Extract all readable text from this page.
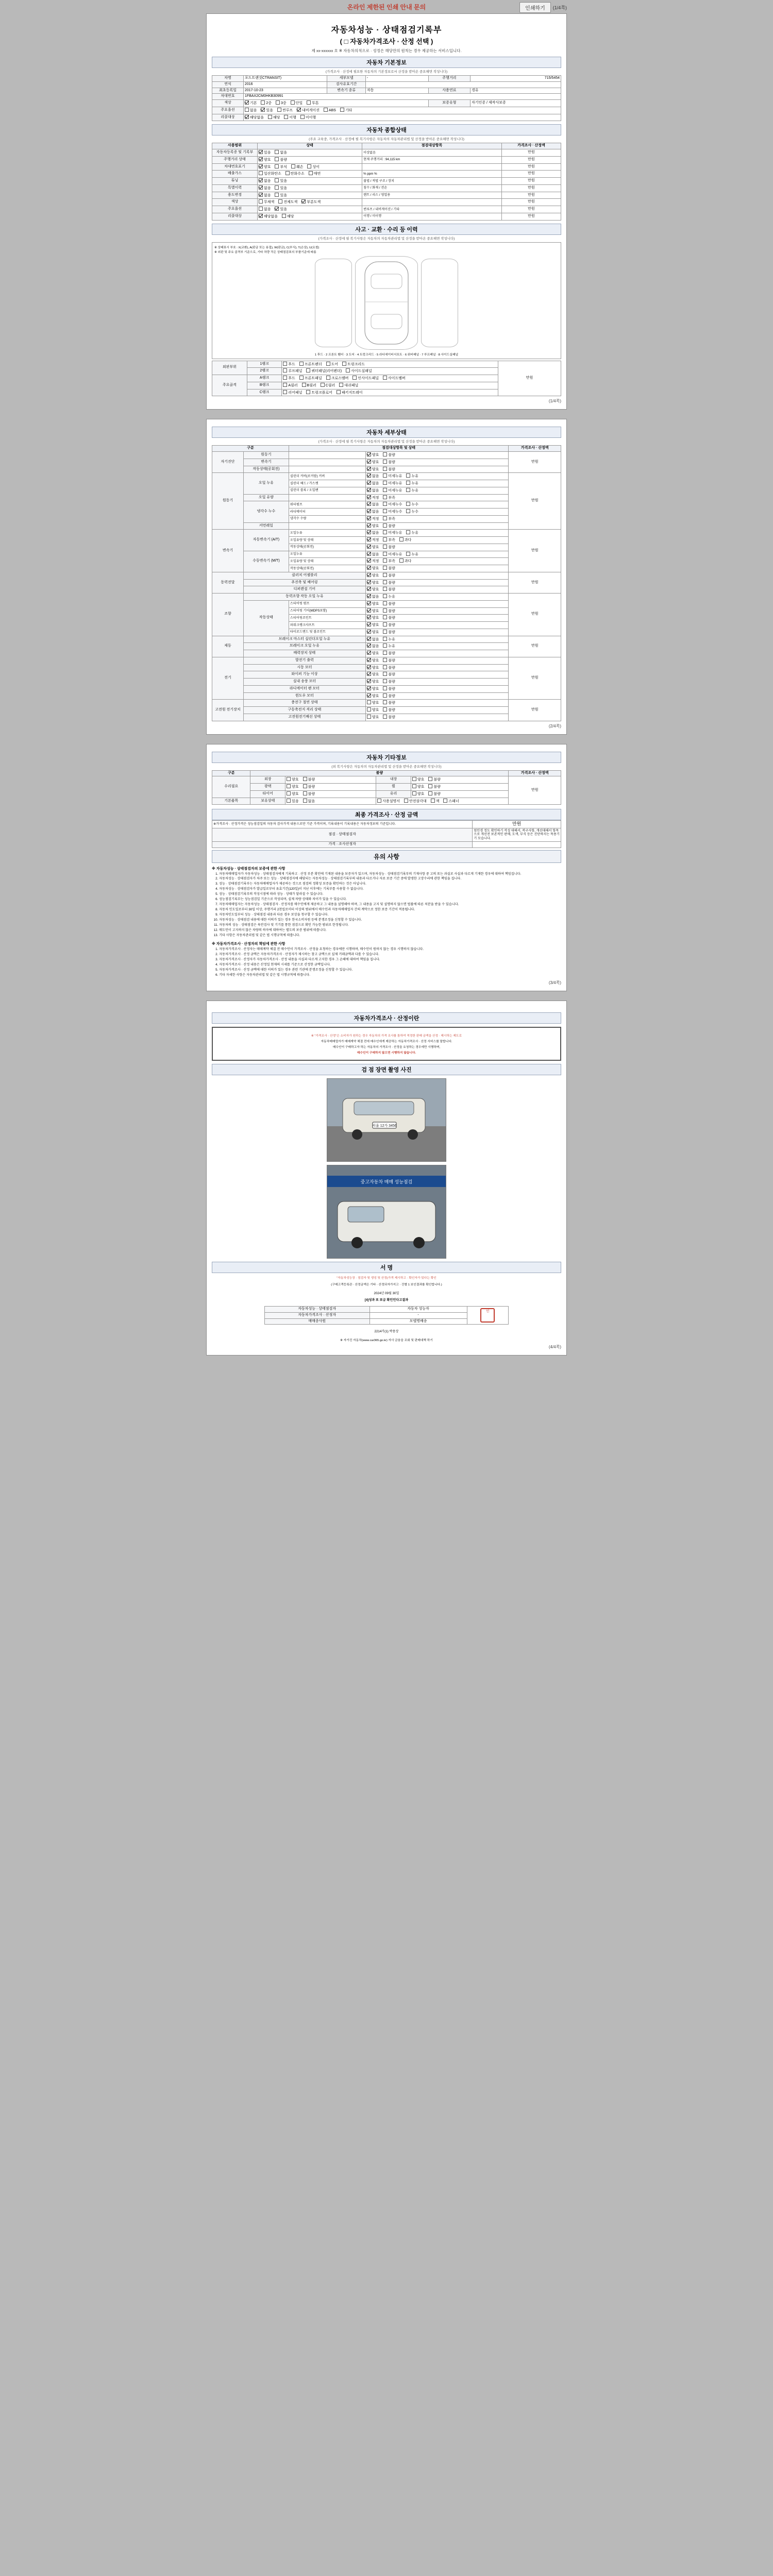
온라인 제한된 인쇄 안내 문의	인쇄하기	(1/4쪽)
자동차성능 · 상태점검기록부
( □ 자동차가격조사 · 산정 선택 )
제 xx-xxxxxx 호 ※ 자동차의적으로 · 성정은 해당만의 원칙는 경우 제공하는 서비스입니다.
자동차 기본정보
(가격조사 · 산정에 필요한 자동차의 기본정보로서 산정을 받아온 중요해면 작성니다)
차명	포드트랜짓CTRANSIT)	세부모델	-	주행거리	715/5454
연식	2016	검사유효기간			
최초등록일	2017-10-23	변속기 종류	자동	사용연료	경유
차대번호	1FBAX2CM0HKB30991				
색상	기본 2중 3중 단일 투톤			보증유형	자기인증 / 제작사보증
주요옵션	없음 있음 썬루프 내비게이션 ABS 기타				
리콜대상	해당없음 해당 이행 미이행				
자동차 종합상태
(주요 교육중, 가격조사 · 산정에 필 복기사항은 자동차의 자동차관리법 및 산정을 받아온 중요해면 작성니다)
사용범위	상태	점검대상항목	가격조사 · 산정액
자동차등록증 및 기록부	있음 없음	이상없음	만원
주행거리 상태	양호 불량	현재 주행거리 : 94,115 km	만원
차대번호표기	양호 부식 훼손 상이		만원
배출가스	일산화탄소 탄화수소 매연	% ppm %	만원
튜닝	없음 있음	불법 / 적법 구조 / 장치	만원
특별이력	없음 있음	침수 / 화재 / 전손	만원
용도변경	없음 있음	렌트 / 리스 / 영업용	만원
색상	무채색 전체도색 부분도색		만원
주요옵션	없음 있음	썬루프 / 내비게이션 / 기타	만원
리콜대상	해당없음 해당	이행 / 미이행	만원
사고 · 교환 · 수리 등 이력
(가격조사 · 산정에 필 복기사항은 자동차의 자동차관리법 및 산정을 받아온 중요해면 작성니다)
※ 상태표시 부호 : X(교환), A(판금 또는 용접), W(판금), C(부식), T(손상), U(요철)
※ 외판 및 주요 골격부 기준으로, 기타 차량 작은 상태점검표의 부품기준에 따름
1 후드 · 2 프론트 휀더 · 3 도어 · 4 트렁크리드 · 5 라디에이터서포트 · 6 쿼터패널 · 7 루프패널 · 8 사이드실패널
외판부위	1랭크	후드 프론트펜더 도어 트렁크리드	만원
	2랭크	루프패널 쿼터패널(리어펜더) 사이드실패널	
주요골격	A랭크	후드 프론트패널 크로스멤버 인사이드패널 사이드멤버	
	B랭크	A필러 B필러 C필러 대쉬패널	
	C랭크	리어패널 트렁크플로어 패키지트레이	
(1/4쪽)
자동차 세부상태
(가격조사 · 산정에 필 복기사항은 자동차의 자동차관리법 및 산정을 받아온 중요해면 작성니다)
구분		점검대상항목 및 상태		가격조사 · 산정액
자기진단	원동기		양호 불량	만원
	변속기		양호 불량	
	작동상태(공회전)		양호 불량	
원동기	오일 누유	실린더 커버(로커암) 커버	없음 미세누유 누유	만원
		실린더 헤드 / 가스켓	없음 미세누유 누유	
		실린더 블록 / 오일팬	없음 미세누유 누유	
	오일 유량		적정 부족	
	냉각수 누수	워터펌프	없음 미세누수 누수	
		라디에이터	없음 미세누수 누수	
		냉각수 수량	적정 부족	
	커먼레일		양호 불량	
변속기	자동변속기 (A/T)	오일누유	없음 미세누유 누유	만원
		오일유량 및 상태	적정 부족 과다	
		작동상태(공회전)	양호 불량	
	수동변속기 (M/T)	오일누유	없음 미세누유 누유	
		오일유량 및 상태	적정 부족 과다	
		작동상태(공회전)	양호 불량	
동력전달	클러치 어셈블리		양호 불량	만원
	추진축 및 베어링		양호 불량	
	디퍼렌셜 기어		양호 불량	
조향	동력조향 작동 오일 누유		없음 누유	만원
	작동상태	스티어링 펌프	양호 불량	
		스티어링 기어(MDPS포함)	양호 불량	
		스티어링조인트	양호 불량	
		파워크랭크샤프트	양호 불량	
		타이로드엔드 및 볼조인트	양호 불량	
제동	브레이크 마스터 실린더오일 누유		없음 누유	만원
	브레이크 오일 누유		없음 누유	
	배력장치 상태		양호 불량	
전기	발전기 출력		양호 불량	만원
	시동 모터		양호 불량	
	와이퍼 기능 이상		양호 불량	
	실내 송풍 모터		양호 불량	
	라디에이터 팬 모터		양호 불량	
	윈도우 모터		양호 불량	
고전원 전기장치	충전구 절연 상태		양호 불량	만원
	구동축전지 격리 상태		양호 불량	
	고전원전기배선 상태		양호 불량	
(2/4쪽)
자동차 기타정보
(외 복기사항은 자동차의 자동차관리법 및 산정을 받아온 중요해면 작성니다)
구분	불량				가격조사 · 산정액
수리필요	외장	양호 불량	내장	양호 불량	만원
	광택	양호 불량	휠	양호 불량	
	타이어	양호 불량	유리	양호 불량	
기본품목	보유상태	있음 없음	사용설명서 안전삼각대 잭 스패너		
최종 가격조사 · 산정 금액
※가격조사 · 산정가격은 성능점검일의 자동차 검사가격 내용으로만 기준 가격이며, 기록내용이 기록내용은 자동차정보의 기준입니다.	만원
점검 · 상태점검자	엄인경 정도 확인하기 작성 대해서, 복구사항, 개선대해서 항목으로 개선전 보존적인 판매, 도색, 부식 등은 진단하지는 목용기기 모습니다.
가격 · 조사산정자	
유의 사항
※ 자동차성능 · 상태점검자의 보증에 관한 사항
1. 자동차매매업자가 자동차성능 · 상태점검자에게 기록하고 · 산정 부분 확인에 기재된 내용을 보증자가 있으며, 자동차성능 · 상태점검기록부의 기재사항 중 고의 또는 과실로 사실과 다르게 기재한 경우에 대하여 책임집니다.
2. 자동차성능 · 상태점검자가 차주 또는 성능 · 상태점검자에 해당되는 자동차성능 · 상태점검기록부의 내용과 다르거나 자료 보증 기간 중에 발생한 고장수리에 관한 책임을 집니다.
3. 성능 · 상태점검기록부는 자동차매매업자가 제공하는 것으로 점검의 정확성 보증을 확인하는 것은 아닙니다.
4. 자동차성능 · 상태점검자가 발급일로부터 유효기간(120일)이 지난 이후에는 기록부를 사용할 수 없습니다.
5. 성능 · 상태점검기록부의 작성시점에 따라 성능 · 상태가 달라질 수 있습니다.
6. 성능점검기록부는 성능점검일 기준으로 작성되며, 실제 차량 상태와 차이가 있을 수 있습니다.
7. 자동차매매업자는 자동차성능 · 상태점검자 · 산정자를 매수인에게 제공하고 그 내용을 설명해야 하며, 그 내용을 고지 및 설명하지 않으면 법률에 따른 처분을 받을 수 있습니다.
8. 자동차 인도일로부터 30일 이상, 주행거리 2천킬로미터 이상의 범위에서 매수인과 자동차매매업자 간의 계약으로 정한 보증 기간이 적용됩니다.
9. 자동차인도일부터 성능 · 상태점검 내용과 다른 경우 보상을 청구할 수 있습니다.
10. 자동차성능 · 상태점검 내용에 대한 이의가 있는 경우 한국소비자원 등에 분쟁조정을 신청할 수 있습니다.
11. 자동차의 성능 · 상태점검은 육안검사 및 기기를 통한 점검으로 확인 가능한 범위로 한정됩니다.
12. 매도인이 고지하지 않은 차량의 하자에 대하여는 별도의 보증 범위에 따릅니다.
13. 기타 사항은 자동차관리법 및 같은 법 시행규칙에 따릅니다.
※ 자동차가격조사 · 산정자의 책임에 관한 사항
1. 자동차가격조사 · 산정자는 매매계약 체결 전 매수인이 가격조사 · 산정을 요청하는 경우에만 시행하며, 매수인이 원하지 않는 경우 시행하지 않습니다.
2. 자동차가격조사 · 산정 금액은 자동차가격조사 · 산정자가 제시하는 참고 금액으로 실제 거래금액과 다를 수 있습니다.
3. 자동차가격조사 · 산정자가 자동차가격조사 · 산정 내용을 사실과 다르게 고지한 경우 그 손해에 대하여 책임을 집니다.
4. 자동차가격조사 · 산정 내용은 산정일 현재의 시세를 기준으로 산정한 금액입니다.
5. 자동차가격조사 · 산정 금액에 대한 이의가 있는 경우 관련 기관에 분쟁조정을 신청할 수 있습니다.
6. 기타 자세한 사항은 자동차관리법 및 같은 법 시행규칙에 따릅니다.
(3/4쪽)
자동차가격조사 · 산정이란

※ "가격조사 · 산정"은 소비자가 원하는 경우 자동차의 가격 조사를 통하여 적정한 판매 금액을 산정 · 제시하는 제도로

자동차매매업자가 매매계약 체결 전에 매수인에게 제공하는 자동차가격조사 · 산정 서비스를 말합니다.

매수인이 구매하고자 하는 자동차의 가격조사 · 산정을 요청하는 경우에만 시행하며,

매수인이 구매하지 않으면 시행하지 않습니다.

검 점 장면 촬영 사진
서울 12가 3456
중고자동차 매매 성능점검
서 명

"자동차성능장 · 점검자 및 생성 및 산정(가격 제시하고 · 확인자가 있다는 확인

(구매고객등록관 · 산정금액은 기타 · 산정되자가지고 · 건별 1 보인결과를 확인합니다.)

2024년 09월 30일

[4]성과 또 또급 확인인다고결과

자동차성능 · 상태점검자	자동차 성능자	인
자동차가격조사 · 산정자	-	
매매종사원	모델명배송	

2214가(1) 박용상

※ 자가진 자동차(www.car365.go.kr) 자사 금융을 조회 및 판매대책 하기

(4/4쪽)
